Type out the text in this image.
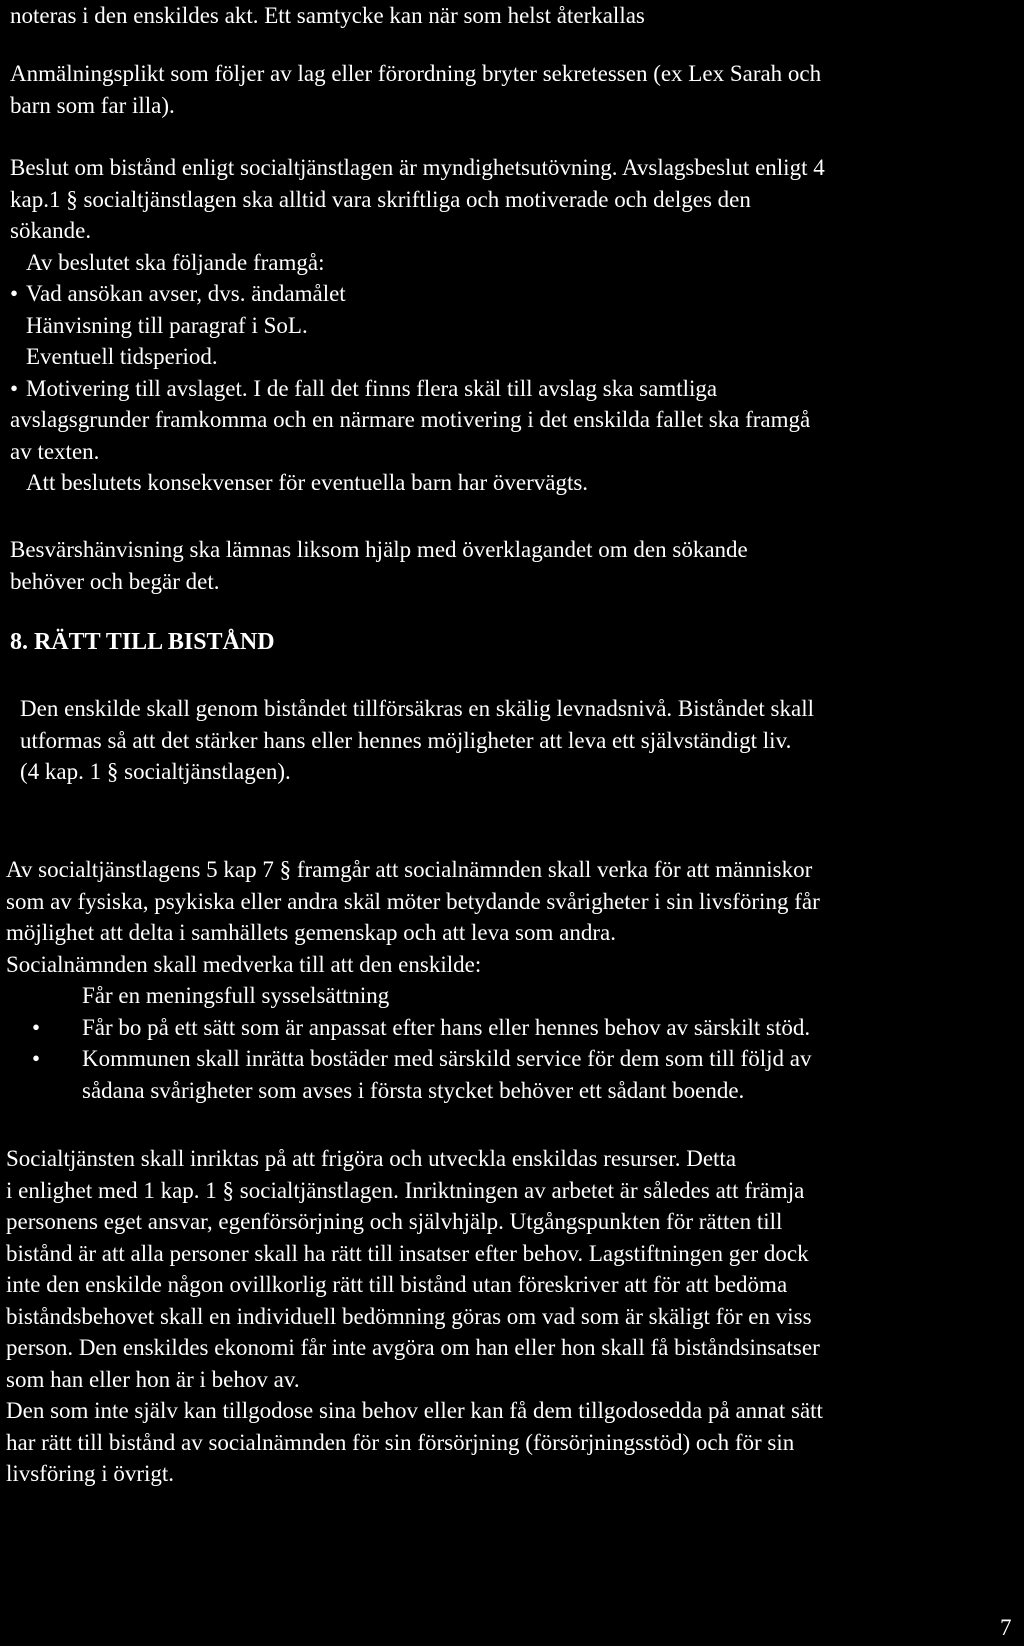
noteras i den enskildes akt. Ett samtycke kan när som helst återkallas
Anmälningsplikt som följer av lag eller förordning bryter sekretessen (ex Lex Sarah och
barn som far illa).
Beslut om bistånd enligt socialtjänstlagen är myndighetsutövning. Avslagsbeslut enligt 4
kap.1 § socialtjänstlagen ska alltid vara skriftliga och motiverade och delges den
sökande.
Av beslutet ska följande framgå:
• Vad ansökan avser, dvs. ändamålet
Hänvisning till paragraf i SoL.
Eventuell tidsperiod.
• Motivering till avslaget. I de fall det finns flera skäl till avslag ska samtliga
avslagsgrunder framkomma och en närmare motivering i det enskilda fallet ska framgå
av texten.
Att beslutets konsekvenser för eventuella barn har övervägts.
Besvärshänvisning ska lämnas liksom hjälp med överklagandet om den sökande
behöver och begär det.
8. RÄTT TILL BISTÅND
Den enskilde skall genom biståndet tillförsäkras en skälig levnadsnivå. Biståndet skall
utformas så att det stärker hans eller hennes möjligheter att leva ett självständigt liv.
(4 kap. 1 § socialtjänstlagen).
Av socialtjänstlagens 5 kap 7 § framgår att socialnämnden skall verka för att människor
som av fysiska, psykiska eller andra skäl möter betydande svårigheter i sin livsföring får
möjlighet att delta i samhällets gemenskap och att leva som andra.
Socialnämnden skall medverka till att den enskilde:
Får en meningsfull sysselsättning
•	Får bo på ett sätt som är anpassat efter hans eller hennes behov av särskilt stöd.
•	Kommunen skall inrätta bostäder med särskild service för dem som till följd av
sådana svårigheter som avses i första stycket behöver ett sådant boende.
Socialtjänsten skall inriktas på att frigöra och utveckla enskildas resurser. Detta
i enlighet med 1 kap. 1 § socialtjänstlagen. Inriktningen av arbetet är således att främja
personens eget ansvar, egenförsörjning och självhjälp. Utgångspunkten för rätten till
bistånd är att alla personer skall ha rätt till insatser efter behov. Lagstiftningen ger dock
inte den enskilde någon ovillkorlig rätt till bistånd utan föreskriver att för att bedöma
biståndsbehovet skall en individuell bedömning göras om vad som är skäligt för en viss
person. Den enskildes ekonomi får inte avgöra om han eller hon skall få biståndsinsatser
som han eller hon är i behov av.
Den som inte själv kan tillgodose sina behov eller kan få dem tillgodosedda på annat sätt
har rätt till bistånd av socialnämnden för sin försörjning (försörjningsstöd) och för sin
livsföring i övrigt.
7
